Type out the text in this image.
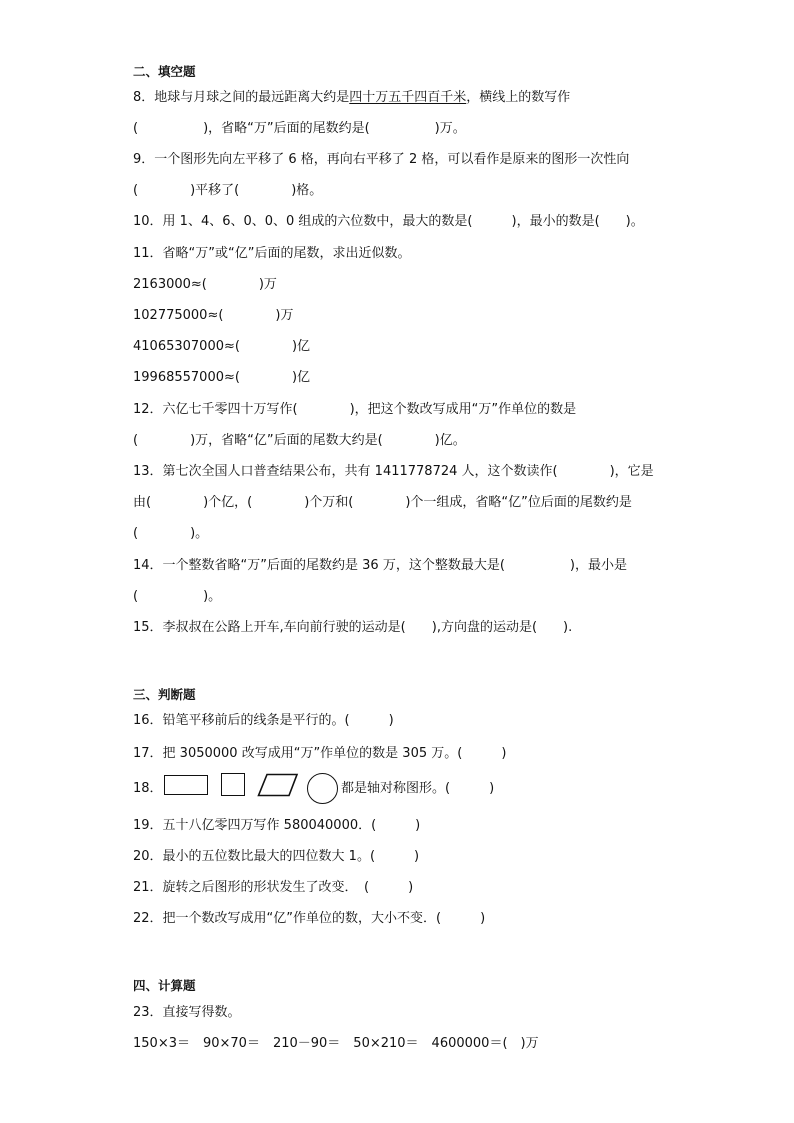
二、填空题
8．地球与月球之间的最远距离大约是四十万五千四百千米，横线上的数写作
(　　　　　)，省略“万”后面的尾数约是(　　　　　)万。
9．一个图形先向左平移了 6 格，再向右平移了 2 格，可以看作是原来的图形一次性向
(　　　　)平移了(　　　　)格。
10．用 1、4、6、0、0、0 组成的六位数中，最大的数是(　　　)，最小的数是(　　)。
11．省略“万”或“亿”后面的尾数，求出近似数。
2163000≈(　　　　)万
102775000≈(　　　　)万
41065307000≈(　　　　)亿
19968557000≈(　　　　)亿
12．六亿七千零四十万写作(　　　　)，把这个数改写成用“万”作单位的数是
(　　　　)万，省略“亿”后面的尾数大约是(　　　　)亿。
13．第七次全国人口普查结果公布，共有 1411778724 人，这个数读作(　　　　)，它是
由(　　　　)个亿，(　　　　)个万和(　　　　)个一组成，省略“亿”位后面的尾数约是
(　　　　)。
14．一个整数省略“万”后面的尾数约是 36 万，这个整数最大是(　　　　　)，最小是
(　　　　　)。
15．李叔叔在公路上开车,车向前行驶的运动是(　　),方向盘的运动是(　　).
三、判断题
16．铅笔平移前后的线条是平行的。(　　　)
17．把 3050000 改写成用“万”作单位的数是 305 万。(　　　)
18．	都是轴对称图形。(　　　)
19．五十八亿零四万写作 580040000．(　　　)
20．最小的五位数比最大的四位数大 1。(　　　)
21．旋转之后图形的形状发生了改变．　(　　　)
22．把一个数改写成用“亿”作单位的数，大小不变．(　　　)
四、计算题
23．直接写得数。
150×3＝　90×70＝　210－90＝　50×210＝　4600000＝(　)万
